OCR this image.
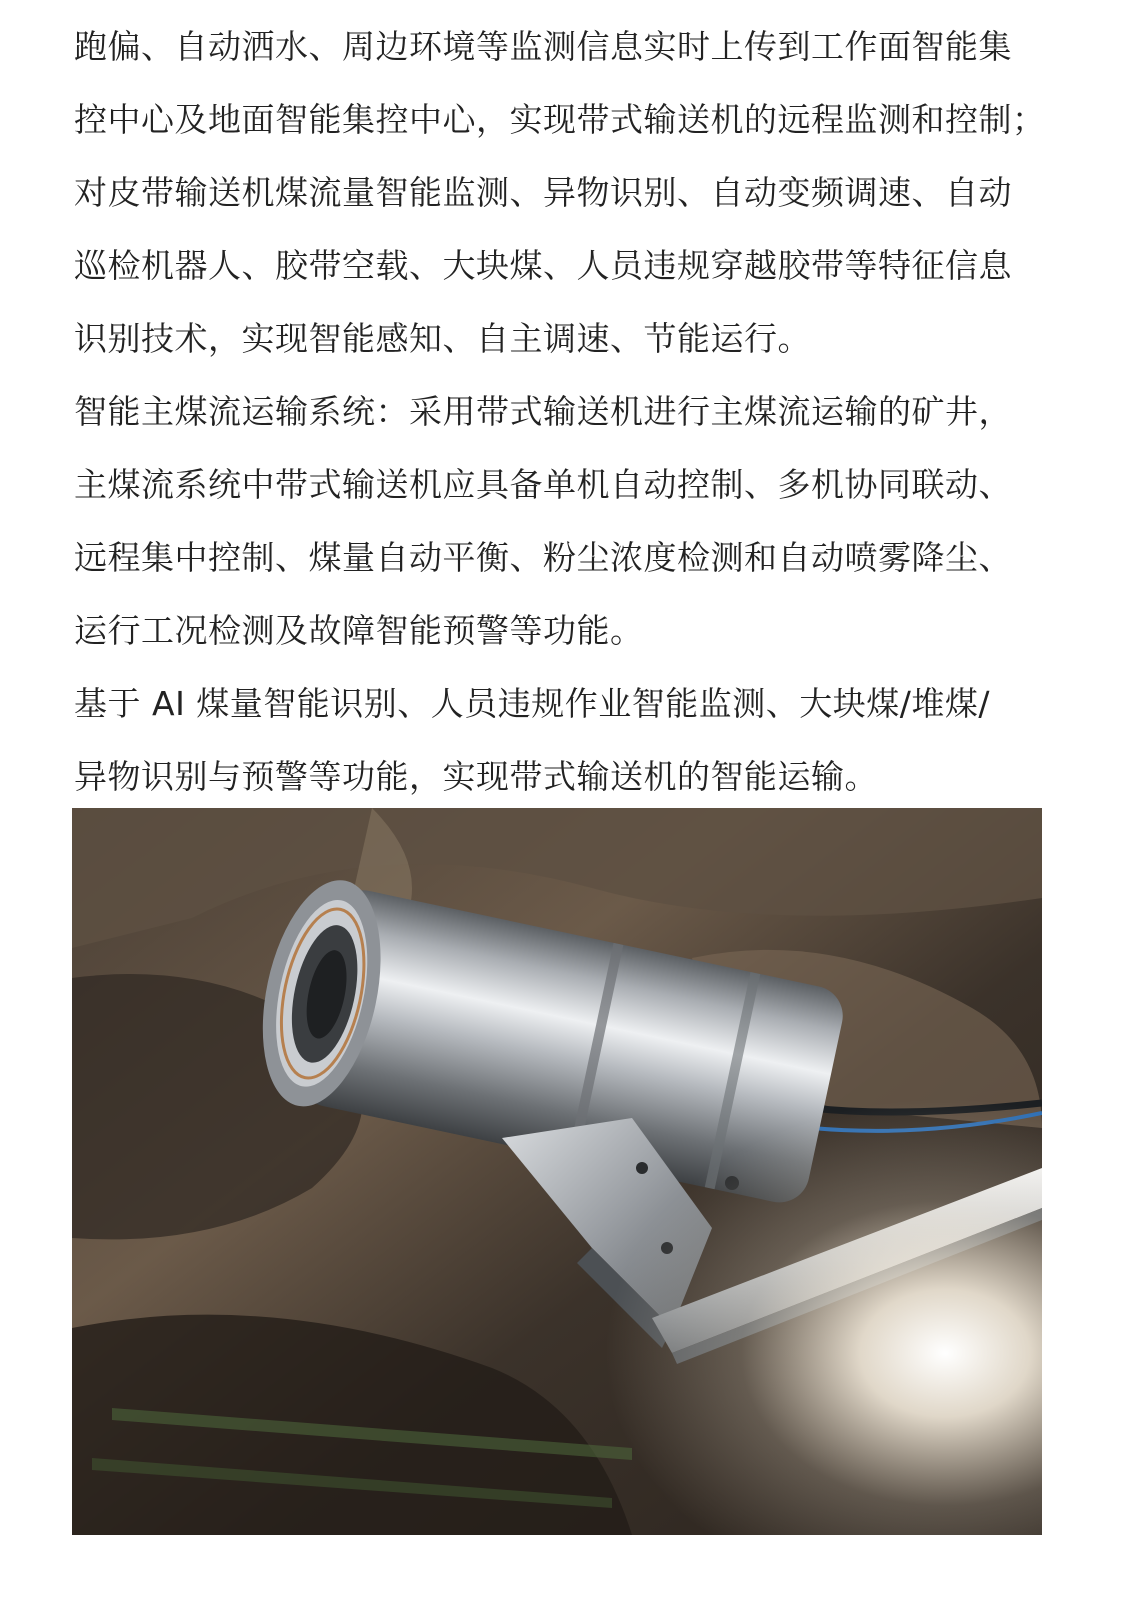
跑偏、自动洒水、周边环境等监测信息实时上传到工作面智能集
控中心及地面智能集控中心，实现带式输送机的远程监测和控制；
对皮带输送机煤流量智能监测、异物识别、自动变频调速、自动
巡检机器人、胶带空载、大块煤、人员违规穿越胶带等特征信息
识别技术，实现智能感知、自主调速、节能运行。

智能主煤流运输系统：采用带式输送机进行主煤流运输的矿井，
主煤流系统中带式输送机应具备单机自动控制、多机协同联动、
远程集中控制、煤量自动平衡、粉尘浓度检测和自动喷雾降尘、
运行工况检测及故障智能预警等功能。

基于 AI 煤量智能识别、人员违规作业智能监测、大块煤/堆煤/
异物识别与预警等功能，实现带式输送机的智能运输。
